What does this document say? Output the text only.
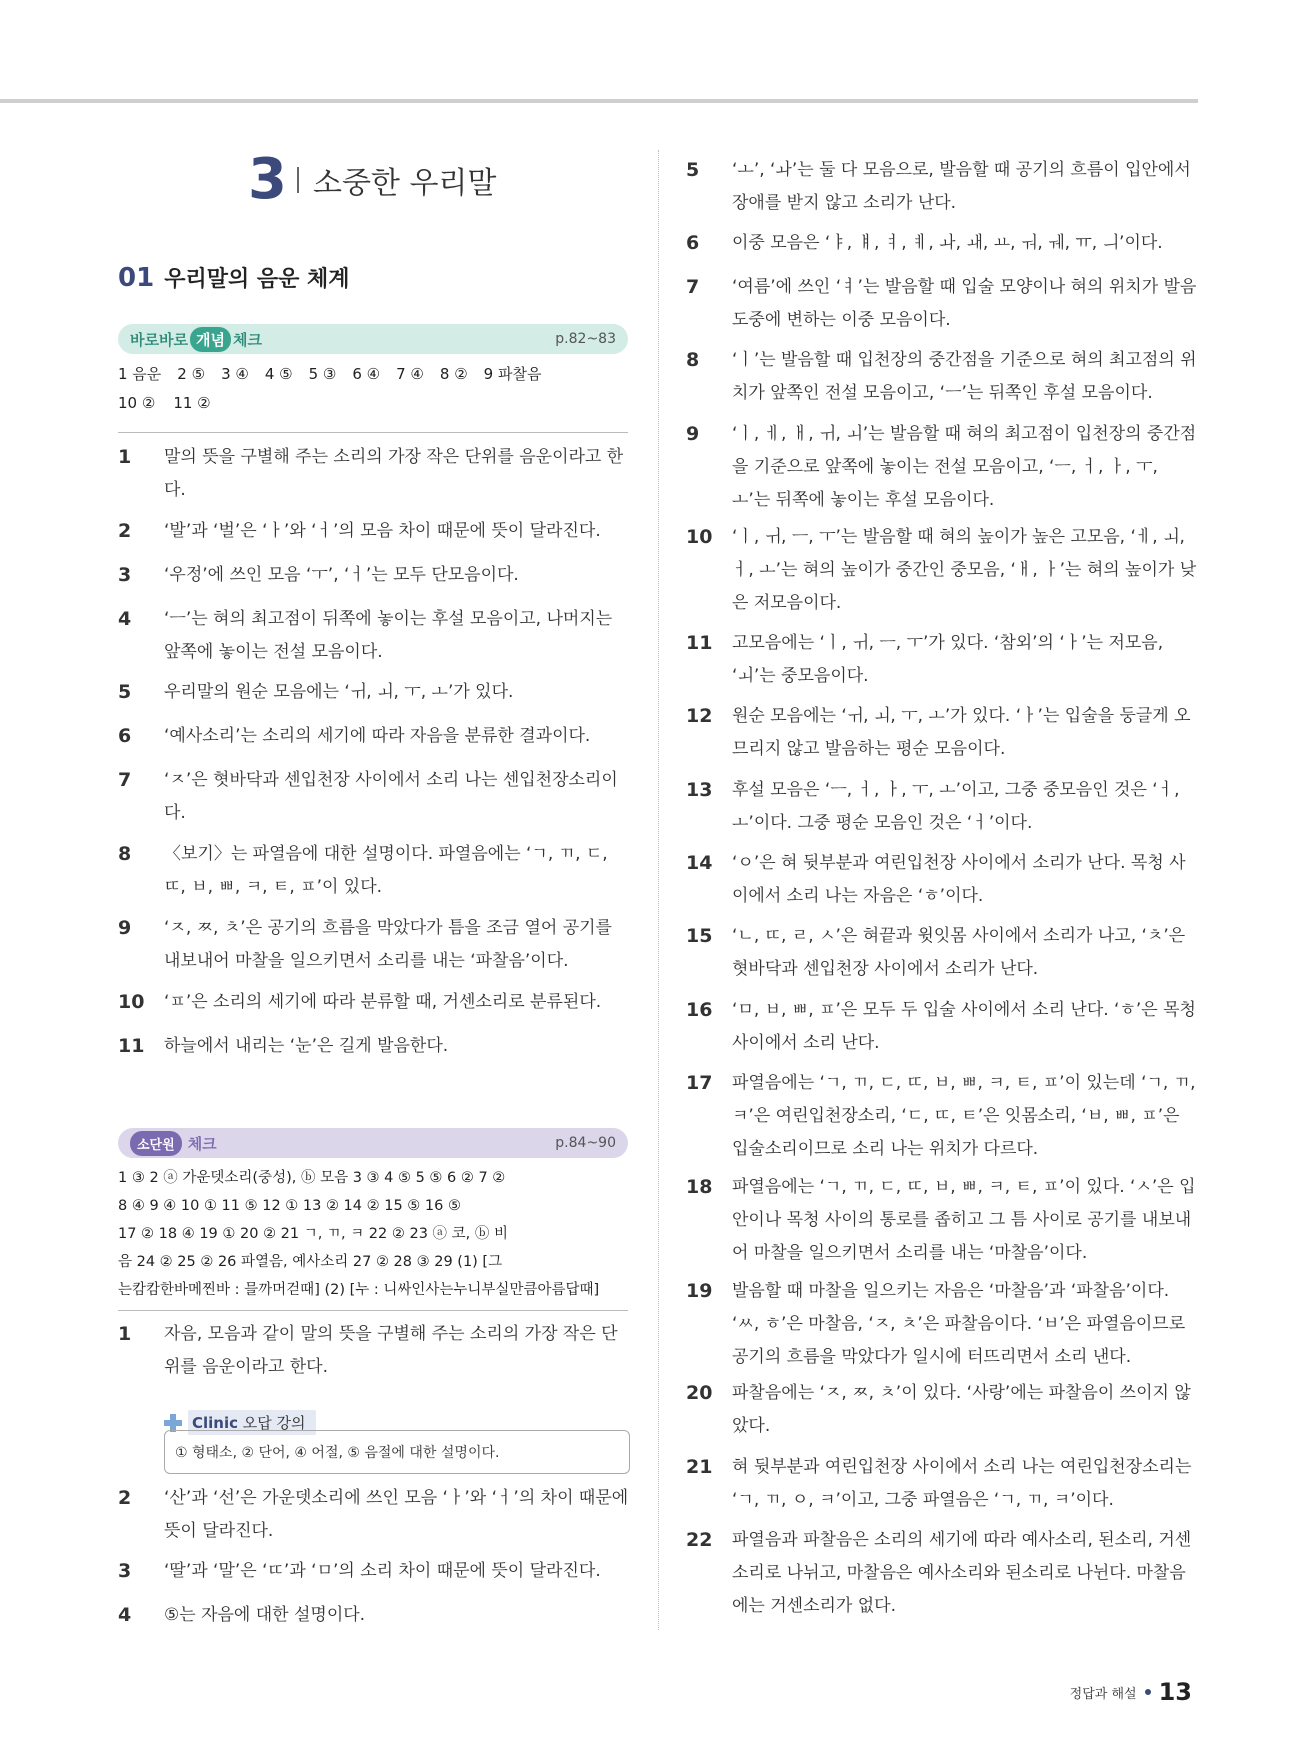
3 소중한 우리말
01 우리말의 음운 체계
바로바로 개념 체크	p.82~83
1 음운 2 ⑤ 3 ④ 4 ⑤ 5 ③ 6 ④ 7 ④ 8 ② 9 파찰음
10 ② 11 ②
1	말의 뜻을 구별해 주는 소리의 가장 작은 단위를 음운이라고 한다.
2	‘발’과 ‘벌’은 ‘ㅏ’와 ‘ㅓ’의 모음 차이 때문에 뜻이 달라진다.
3	‘우정’에 쓰인 모음 ‘ㅜ’, ‘ㅓ’는 모두 단모음이다.
4	‘ㅡ’는 혀의 최고점이 뒤쪽에 놓이는 후설 모음이고, 나머지는 앞쪽에 놓이는 전설 모음이다.
5	우리말의 원순 모음에는 ‘ㅟ, ㅚ, ㅜ, ㅗ’가 있다.
6	‘예사소리’는 소리의 세기에 따라 자음을 분류한 결과이다.
7	‘ㅈ’은 혓바닥과 센입천장 사이에서 소리 나는 센입천장소리이다.
8	〈보기〉는 파열음에 대한 설명이다. 파열음에는 ‘ㄱ, ㄲ, ㄷ, ㄸ, ㅂ, ㅃ, ㅋ, ㅌ, ㅍ’이 있다.
9	‘ㅈ, ㅉ, ㅊ’은 공기의 흐름을 막았다가 틈을 조금 열어 공기를 내보내어 마찰을 일으키면서 소리를 내는 ‘파찰음’이다.
10	‘ㅍ’은 소리의 세기에 따라 분류할 때, 거센소리로 분류된다.
11	하늘에서 내리는 ‘눈’은 길게 발음한다.
소단원 체크	p.84~90
1 ③ 2 ⓐ 가운뎃소리(중성), ⓑ 모음 3 ③ 4 ⑤ 5 ⑤ 6 ② 7 ②
8 ④ 9 ④ 10 ① 11 ⑤ 12 ① 13 ② 14 ② 15 ⑤ 16 ⑤
17 ② 18 ④ 19 ① 20 ② 21 ㄱ, ㄲ, ㅋ 22 ② 23 ⓐ 코, ⓑ 비
음 24 ② 25 ② 26 파열음, 예사소리 27 ② 28 ③ 29 (1) [그
는캄캄한바메찐바 : 믈까머걷때] (2) [누 : 니싸인사는누니부실만큼아름답때]
1	자음, 모음과 같이 말의 뜻을 구별해 주는 소리의 가장 작은 단위를 음운이라고 한다.
2	‘산’과 ‘선’은 가운뎃소리에 쓰인 모음 ‘ㅏ’와 ‘ㅓ’의 차이 때문에 뜻이 달라진다.
3	‘딸’과 ‘말’은 ‘ㄸ’과 ‘ㅁ’의 소리 차이 때문에 뜻이 달라진다.
4	⑤는 자음에 대한 설명이다.
Clinic 오답 강의
① 형태소, ② 단어, ④ 어절, ⑤ 음절에 대한 설명이다.
5	‘ㅗ’, ‘ㅘ’는 둘 다 모음으로, 발음할 때 공기의 흐름이 입안에서 장애를 받지 않고 소리가 난다.
6	이중 모음은 ‘ㅑ, ㅒ, ㅕ, ㅖ, ㅘ, ㅙ, ㅛ, ㅝ, ㅞ, ㅠ, ㅢ’이다.
7	‘여름’에 쓰인 ‘ㅕ’는 발음할 때 입술 모양이나 혀의 위치가 발음 도중에 변하는 이중 모음이다.
8	‘ㅣ’는 발음할 때 입천장의 중간점을 기준으로 혀의 최고점의 위치가 앞쪽인 전설 모음이고, ‘ㅡ’는 뒤쪽인 후설 모음이다.
9	‘ㅣ, ㅔ, ㅐ, ㅟ, ㅚ’는 발음할 때 혀의 최고점이 입천장의 중간점을 기준으로 앞쪽에 놓이는 전설 모음이고, ‘ㅡ, ㅓ, ㅏ, ㅜ, ㅗ’는 뒤쪽에 놓이는 후설 모음이다.
10	‘ㅣ, ㅟ, ㅡ, ㅜ’는 발음할 때 혀의 높이가 높은 고모음, ‘ㅔ, ㅚ, ㅓ, ㅗ’는 혀의 높이가 중간인 중모음, ‘ㅐ, ㅏ’는 혀의 높이가 낮은 저모음이다.
11	고모음에는 ‘ㅣ, ㅟ, ㅡ, ㅜ’가 있다. ‘참외’의 ‘ㅏ’는 저모음, ‘ㅚ’는 중모음이다.
12	원순 모음에는 ‘ㅟ, ㅚ, ㅜ, ㅗ’가 있다. ‘ㅏ’는 입술을 둥글게 오므리지 않고 발음하는 평순 모음이다.
13	후설 모음은 ‘ㅡ, ㅓ, ㅏ, ㅜ, ㅗ’이고, 그중 중모음인 것은 ‘ㅓ, ㅗ’이다. 그중 평순 모음인 것은 ‘ㅓ’이다.
14	‘ㅇ’은 혀 뒷부분과 여린입천장 사이에서 소리가 난다. 목청 사이에서 소리 나는 자음은 ‘ㅎ’이다.
15	‘ㄴ, ㄸ, ㄹ, ㅅ’은 혀끝과 윗잇몸 사이에서 소리가 나고, ‘ㅊ’은 혓바닥과 센입천장 사이에서 소리가 난다.
16	‘ㅁ, ㅂ, ㅃ, ㅍ’은 모두 두 입술 사이에서 소리 난다. ‘ㅎ’은 목청 사이에서 소리 난다.
17	파열음에는 ‘ㄱ, ㄲ, ㄷ, ㄸ, ㅂ, ㅃ, ㅋ, ㅌ, ㅍ’이 있는데 ‘ㄱ, ㄲ, ㅋ’은 여린입천장소리, ‘ㄷ, ㄸ, ㅌ’은 잇몸소리, ‘ㅂ, ㅃ, ㅍ’은 입술소리이므로 소리 나는 위치가 다르다.
18	파열음에는 ‘ㄱ, ㄲ, ㄷ, ㄸ, ㅂ, ㅃ, ㅋ, ㅌ, ㅍ’이 있다. ‘ㅅ’은 입안이나 목청 사이의 통로를 좁히고 그 틈 사이로 공기를 내보내어 마찰을 일으키면서 소리를 내는 ‘마찰음’이다.
19	발음할 때 마찰을 일으키는 자음은 ‘마찰음’과 ‘파찰음’이다. ‘ㅆ, ㅎ’은 마찰음, ‘ㅈ, ㅊ’은 파찰음이다. ‘ㅂ’은 파열음이므로 공기의 흐름을 막았다가 일시에 터뜨리면서 소리 낸다.
20	파찰음에는 ‘ㅈ, ㅉ, ㅊ’이 있다. ‘사랑’에는 파찰음이 쓰이지 않았다.
21	혀 뒷부분과 여린입천장 사이에서 소리 나는 여린입천장소리는 ‘ㄱ, ㄲ, ㅇ, ㅋ’이고, 그중 파열음은 ‘ㄱ, ㄲ, ㅋ’이다.
22	파열음과 파찰음은 소리의 세기에 따라 예사소리, 된소리, 거센소리로 나뉘고, 마찰음은 예사소리와 된소리로 나뉜다. 마찰음에는 거센소리가 없다.
정답과 해설 13
